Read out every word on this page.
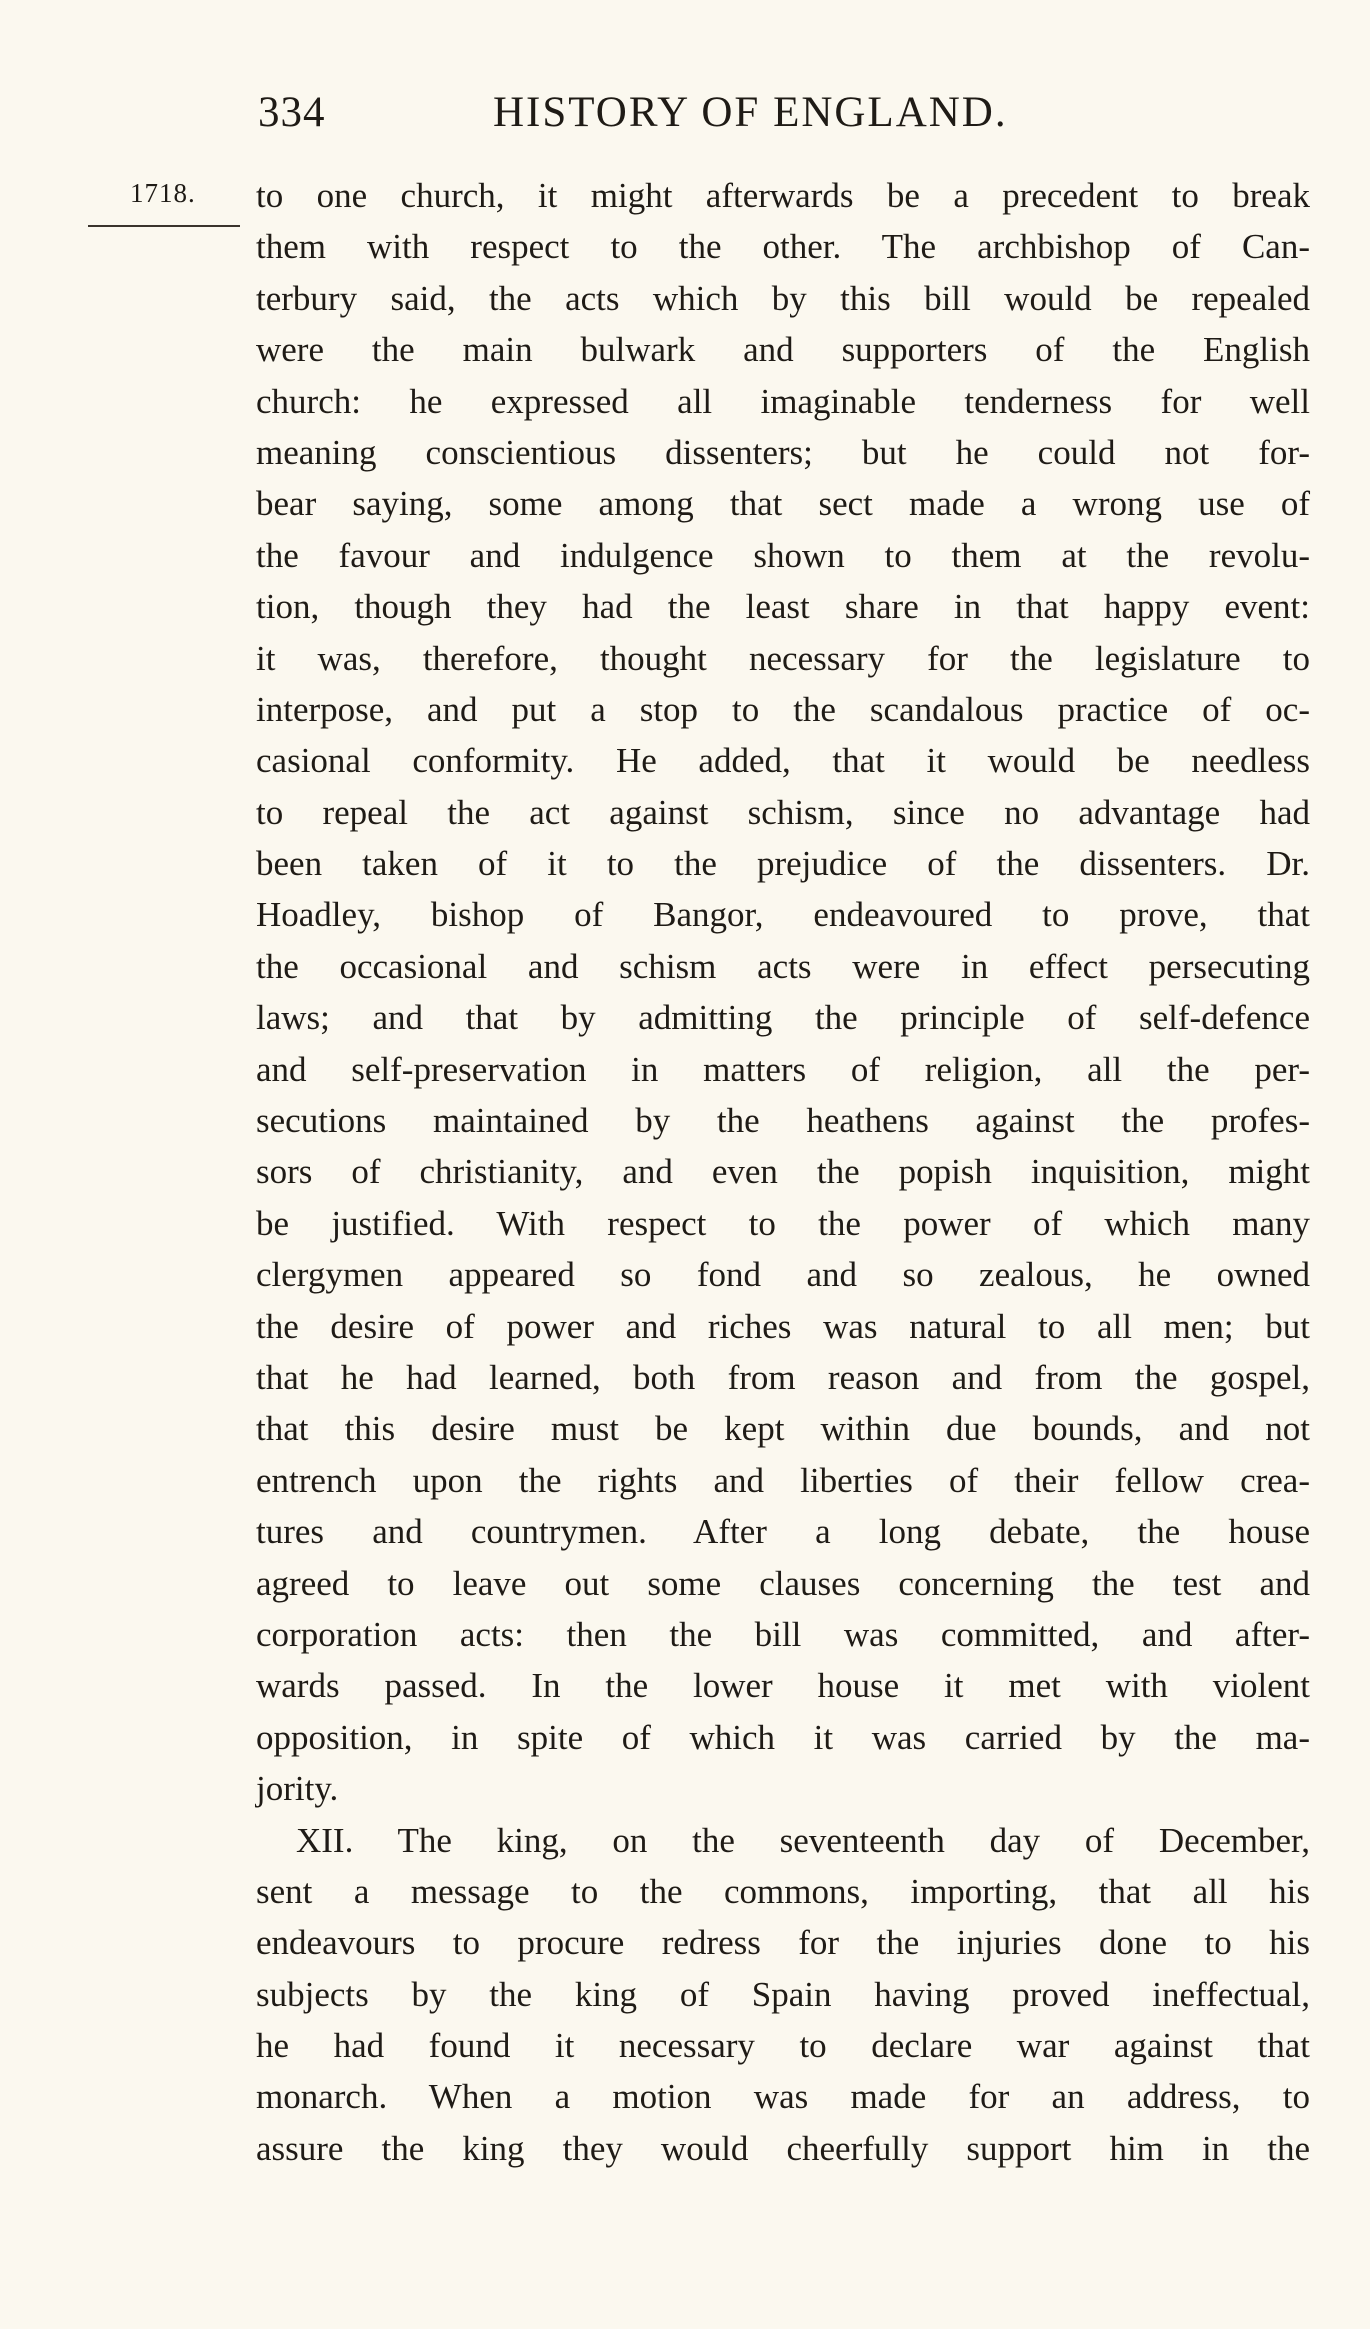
334	HISTORY OF ENGLAND.
1718. to one church, it might afterwards be a precedent to break
them with respect to the other. The archbishop of Can-
terbury said, the acts which by this bill would be repealed
were the main bulwark and supporters of the English
church: he expressed all imaginable tenderness for well
meaning conscientious dissenters; but he could not for-
bear saying, some among that sect made a wrong use of
the favour and indulgence shown to them at the revolu-
tion, though they had the least share in that happy event:
it was, therefore, thought necessary for the legislature to
interpose, and put a stop to the scandalous practice of oc-
casional conformity. He added, that it would be needless
to repeal the act against schism, since no advantage had
been taken of it to the prejudice of the dissenters. Dr.
Hoadley, bishop of Bangor, endeavoured to prove, that
the occasional and schism acts were in effect persecuting
laws; and that by admitting the principle of self-defence
and self-preservation in matters of religion, all the per-
secutions maintained by the heathens against the profes-
sors of christianity, and even the popish inquisition, might
be justified. With respect to the power of which many
clergymen appeared so fond and so zealous, he owned
the desire of power and riches was natural to all men; but
that he had learned, both from reason and from the gospel,
that this desire must be kept within due bounds, and not
entrench upon the rights and liberties of their fellow crea-
tures and countrymen. After a long debate, the house
agreed to leave out some clauses concerning the test and
corporation acts: then the bill was committed, and after-
wards passed. In the lower house it met with violent
opposition, in spite of which it was carried by the ma-
jority.
XII. The king, on the seventeenth day of December,
sent a message to the commons, importing, that all his
endeavours to procure redress for the injuries done to his
subjects by the king of Spain having proved ineffectual,
he had found it necessary to declare war against that
monarch. When a motion was made for an address, to
assure the king they would cheerfully support him in the
